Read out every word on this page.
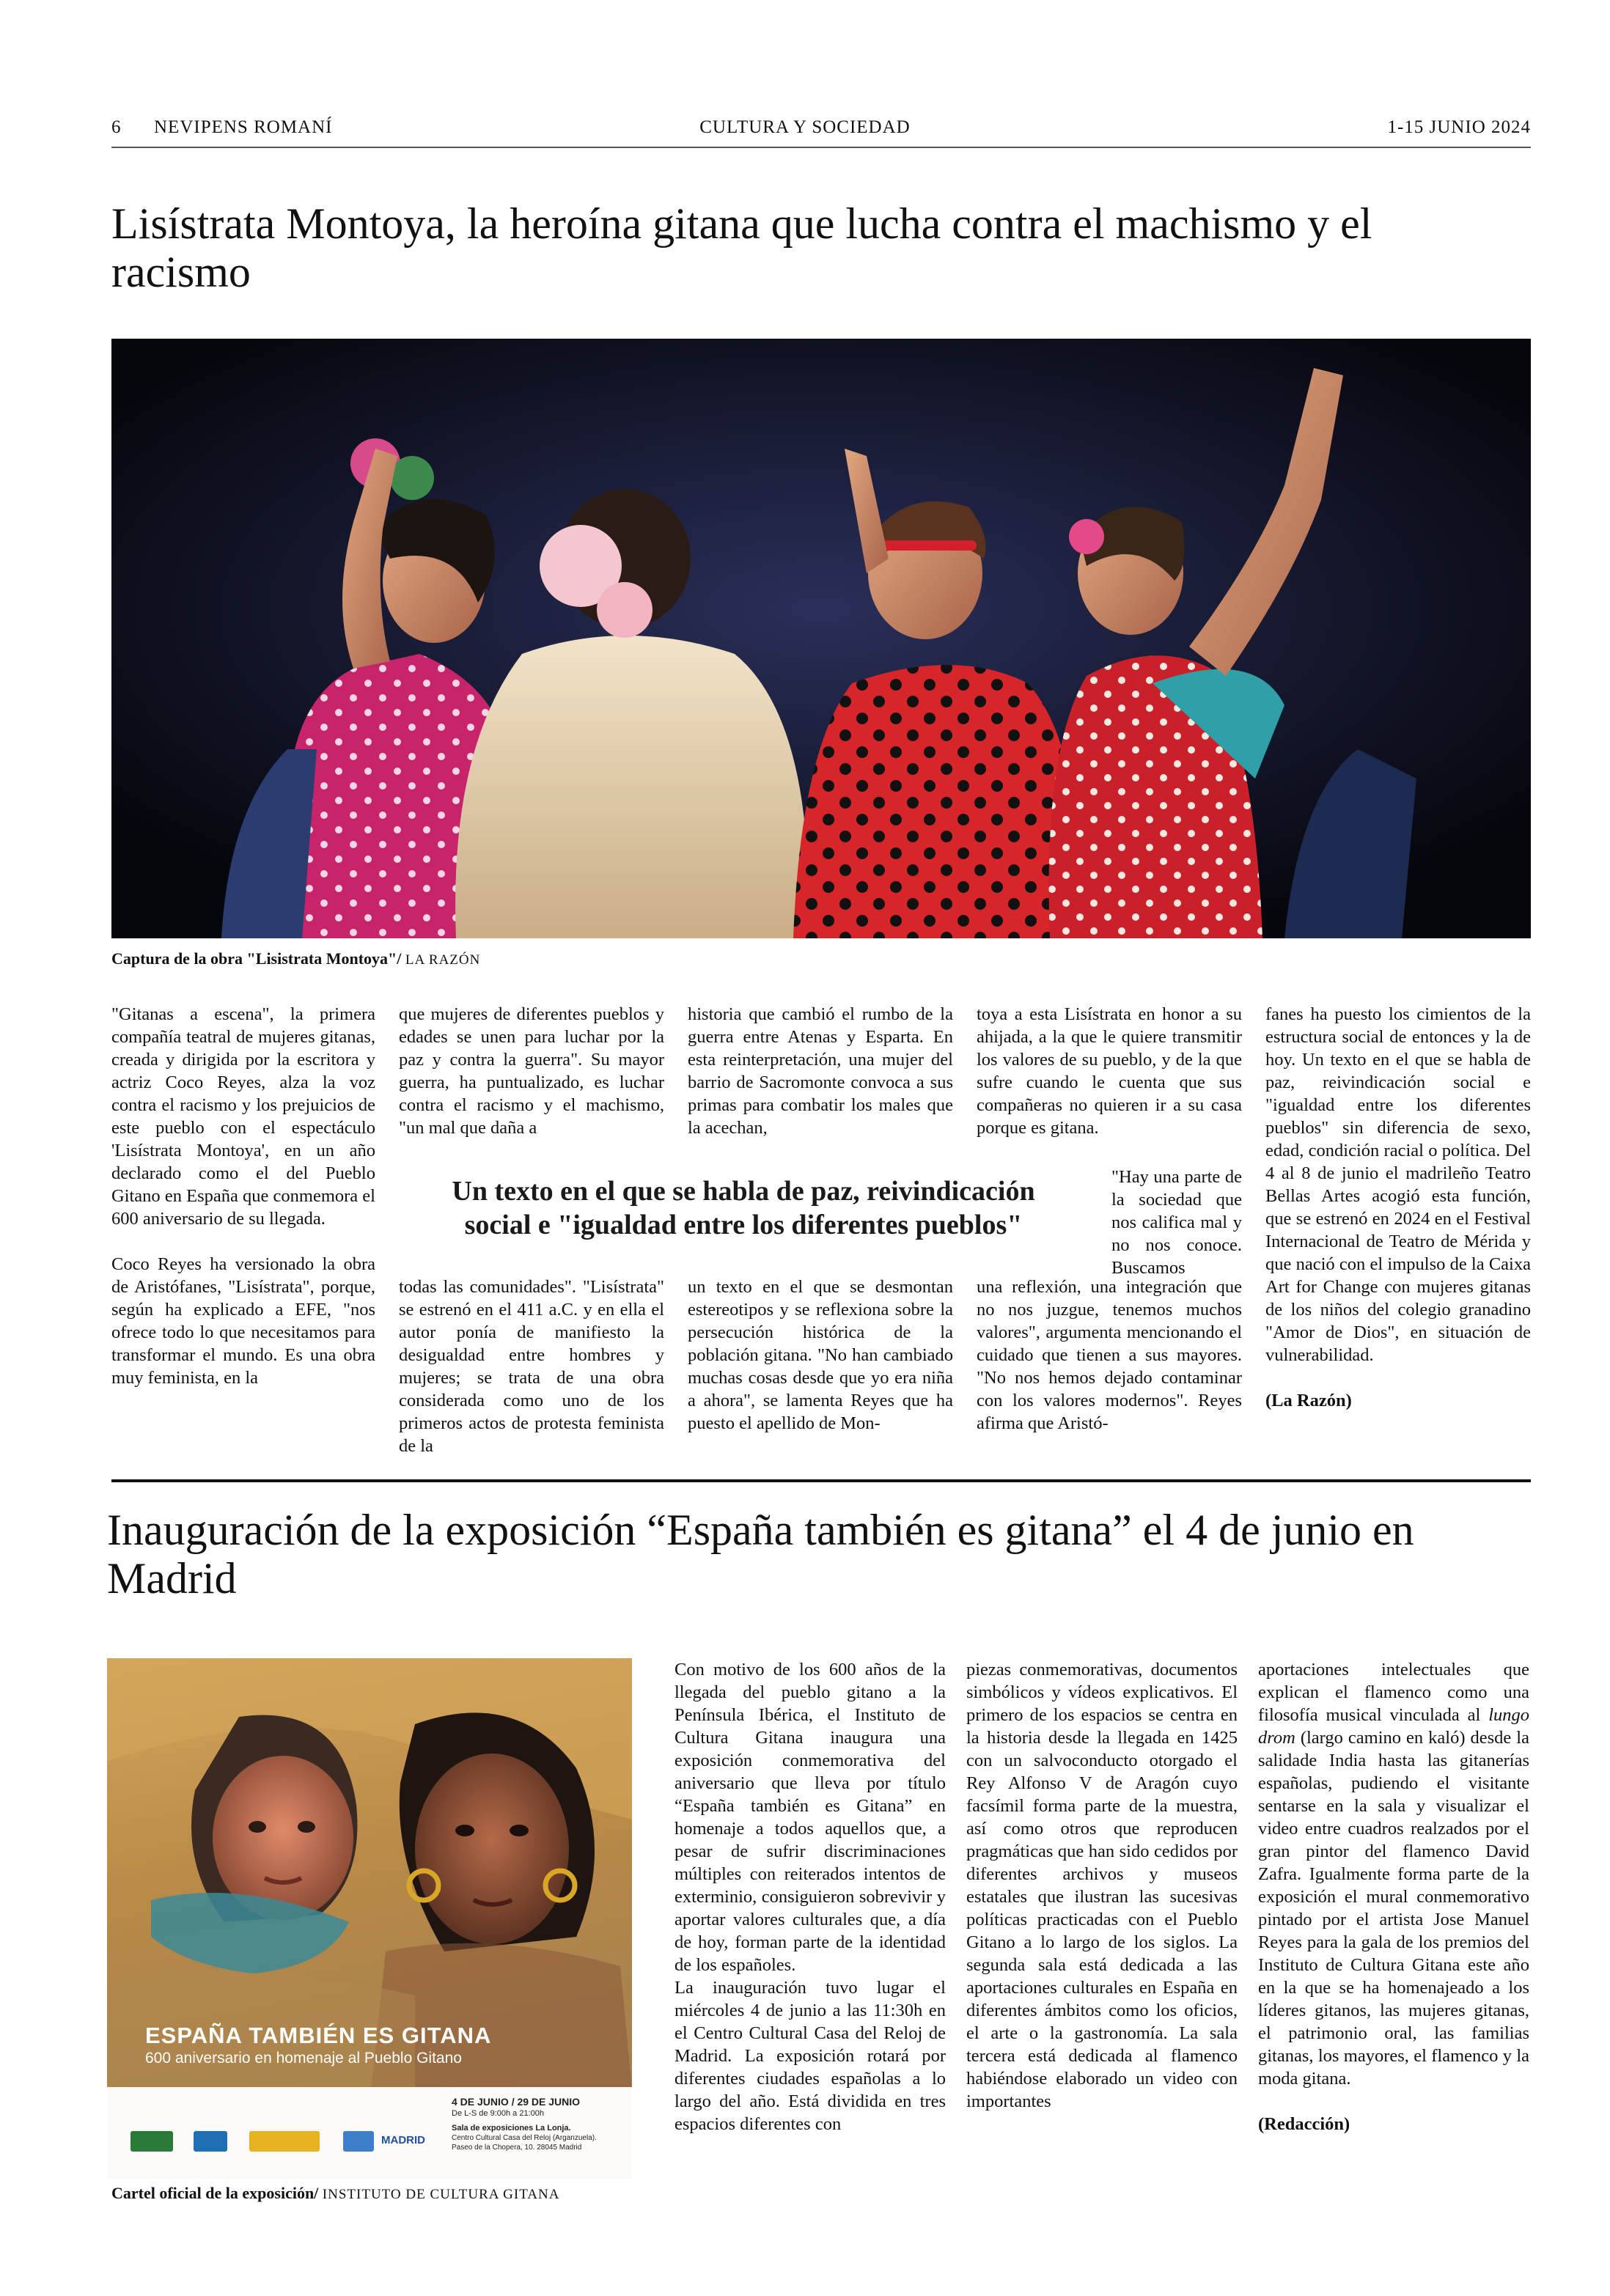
6 NEVIPENS ROMANÍ	CULTURA Y SOCIEDAD	1-15 JUNIO 2024
Lisístrata Montoya, la heroína gitana que lucha contra el machismo y el racismo
Captura de la obra "Lisistrata Montoya"/ LA RAZÓN

"Gitanas a escena", la primera compañía teatral de mujeres gitanas, creada y dirigida por la escritora y actriz Coco Reyes, alza la voz contra el racismo y los prejuicios de este pueblo con el espectáculo 'Lisístrata Montoya', en un año declarado como el del Pueblo Gitano en España que conmemora el 600 aniversario de su llegada.

Coco Reyes ha versionado la obra de Aristófanes, "Lisístrata", porque, según ha explicado a EFE, "nos ofrece todo lo que necesitamos para transformar el mundo. Es una obra muy feminista, en la

que mujeres de diferentes pueblos y edades se unen para luchar por la paz y contra la guerra". Su mayor guerra, ha puntualizado, es luchar contra el racismo y el machismo, "un mal que daña a
todas las comunidades". "Lisístrata" se estrenó en el 411 a.C. y en ella el autor ponía de manifiesto la desigualdad entre hombres y mujeres; se trata de una obra considerada como uno de los primeros actos de protesta feminista de la
historia que cambió el rumbo de la guerra entre Atenas y Esparta. En esta reinterpretación, una mujer del barrio de Sacromonte convoca a sus primas para combatir los males que la acechan,
un texto en el que se desmontan estereotipos y se reflexiona sobre la persecución histórica de la población gitana. "No han cambiado muchas cosas desde que yo era niña a ahora", se lamenta Reyes que ha puesto el apellido de Mon-
toya a esta Lisístrata en honor a su ahijada, a la que le quiere transmitir los valores de su pueblo, y de la que sufre cuando le cuenta que sus compañeras no quieren ir a su casa porque es gitana.
"Hay una parte de la sociedad que nos califica mal y no nos conoce. Buscamos
una reflexión, una integración que no nos juzgue, tenemos muchos valores", argumenta mencionando el cuidado que tienen a sus mayores. "No nos hemos dejado contaminar con los valores modernos". Reyes afirma que Aristó-

fanes ha puesto los cimientos de la estructura social de entonces y la de hoy. Un texto en el que se habla de paz, reivindicación social e "igualdad entre los diferentes pueblos" sin diferencia de sexo, edad, condición racial o política. Del 4 al 8 de junio el madrileño Teatro Bellas Artes acogió esta función, que se estrenó en 2024 en el Festival Internacional de Teatro de Mérida y que nació con el impulso de la Caixa Art for Change con mujeres gitanas de los niños del colegio granadino "Amor de Dios", en situación de vulnerabilidad.

(La Razón)

Un texto en el que se habla de paz, reivindicación
social e "igualdad entre los diferentes pueblos"
Inauguración de la exposición “España también es gitana” el 4 de junio en Madrid
ESPAÑA TAMBIÉN ES GITANA
600 aniversario en homenaje al Pueblo Gitano
4 DE JUNIO / 29 DE JUNIO
De L-S de 9:00h a 21:00h
Sala de exposiciones La Lonja.
Centro Cultural Casa del Reloj (Arganzuela).
Paseo de la Chopera, 10. 28045 Madrid
MADRID
Cartel oficial de la exposición/ INSTITUTO DE CULTURA GITANA

Con motivo de los 600 años de la llegada del pueblo gitano a la Península Ibérica, el Instituto de Cultura Gitana inaugura una exposición conmemorativa del aniversario que lleva por título “España también es Gitana” en homenaje a todos aquellos que, a pesar de sufrir discriminaciones múltiples con reiterados intentos de exterminio, consiguieron sobrevivir y aportar valores culturales que, a día de hoy, forman parte de la identidad de los españoles.

La inauguración tuvo lugar el miércoles 4 de junio a las 11:30h en el Centro Cultural Casa del Reloj de Madrid. La exposición rotará por diferentes ciudades españolas a lo largo del año. Está dividida en tres espacios diferentes con

piezas conmemorativas, documentos simbólicos y vídeos explicativos. El primero de los espacios se centra en la historia desde la llegada en 1425 con un salvoconducto otorgado el Rey Alfonso V de Aragón cuyo facsímil forma parte de la muestra, así como otros que reproducen pragmáticas que han sido cedidos por diferentes archivos y museos estatales que ilustran las sucesivas políticas practicadas con el Pueblo Gitano a lo largo de los siglos. La segunda sala está dedicada a las aportaciones culturales en España en diferentes ámbitos como los oficios, el arte o la gastronomía. La sala tercera está dedicada al flamenco habiéndose elaborado un video con importantes

aportaciones intelectuales que explican el flamenco como una filosofía musical vinculada al lungo drom (largo camino en kaló) desde la salidade India hasta las gitanerías españolas, pudiendo el visitante sentarse en la sala y visualizar el video entre cuadros realzados por el gran pintor del flamenco David Zafra. Igualmente forma parte de la exposición el mural conmemorativo pintado por el artista Jose Manuel Reyes para la gala de los premios del Instituto de Cultura Gitana este año en la que se ha homenajeado a los líderes gitanos, las mujeres gitanas, el patrimonio oral, las familias gitanas, los mayores, el flamenco y la moda gitana.

(Redacción)
